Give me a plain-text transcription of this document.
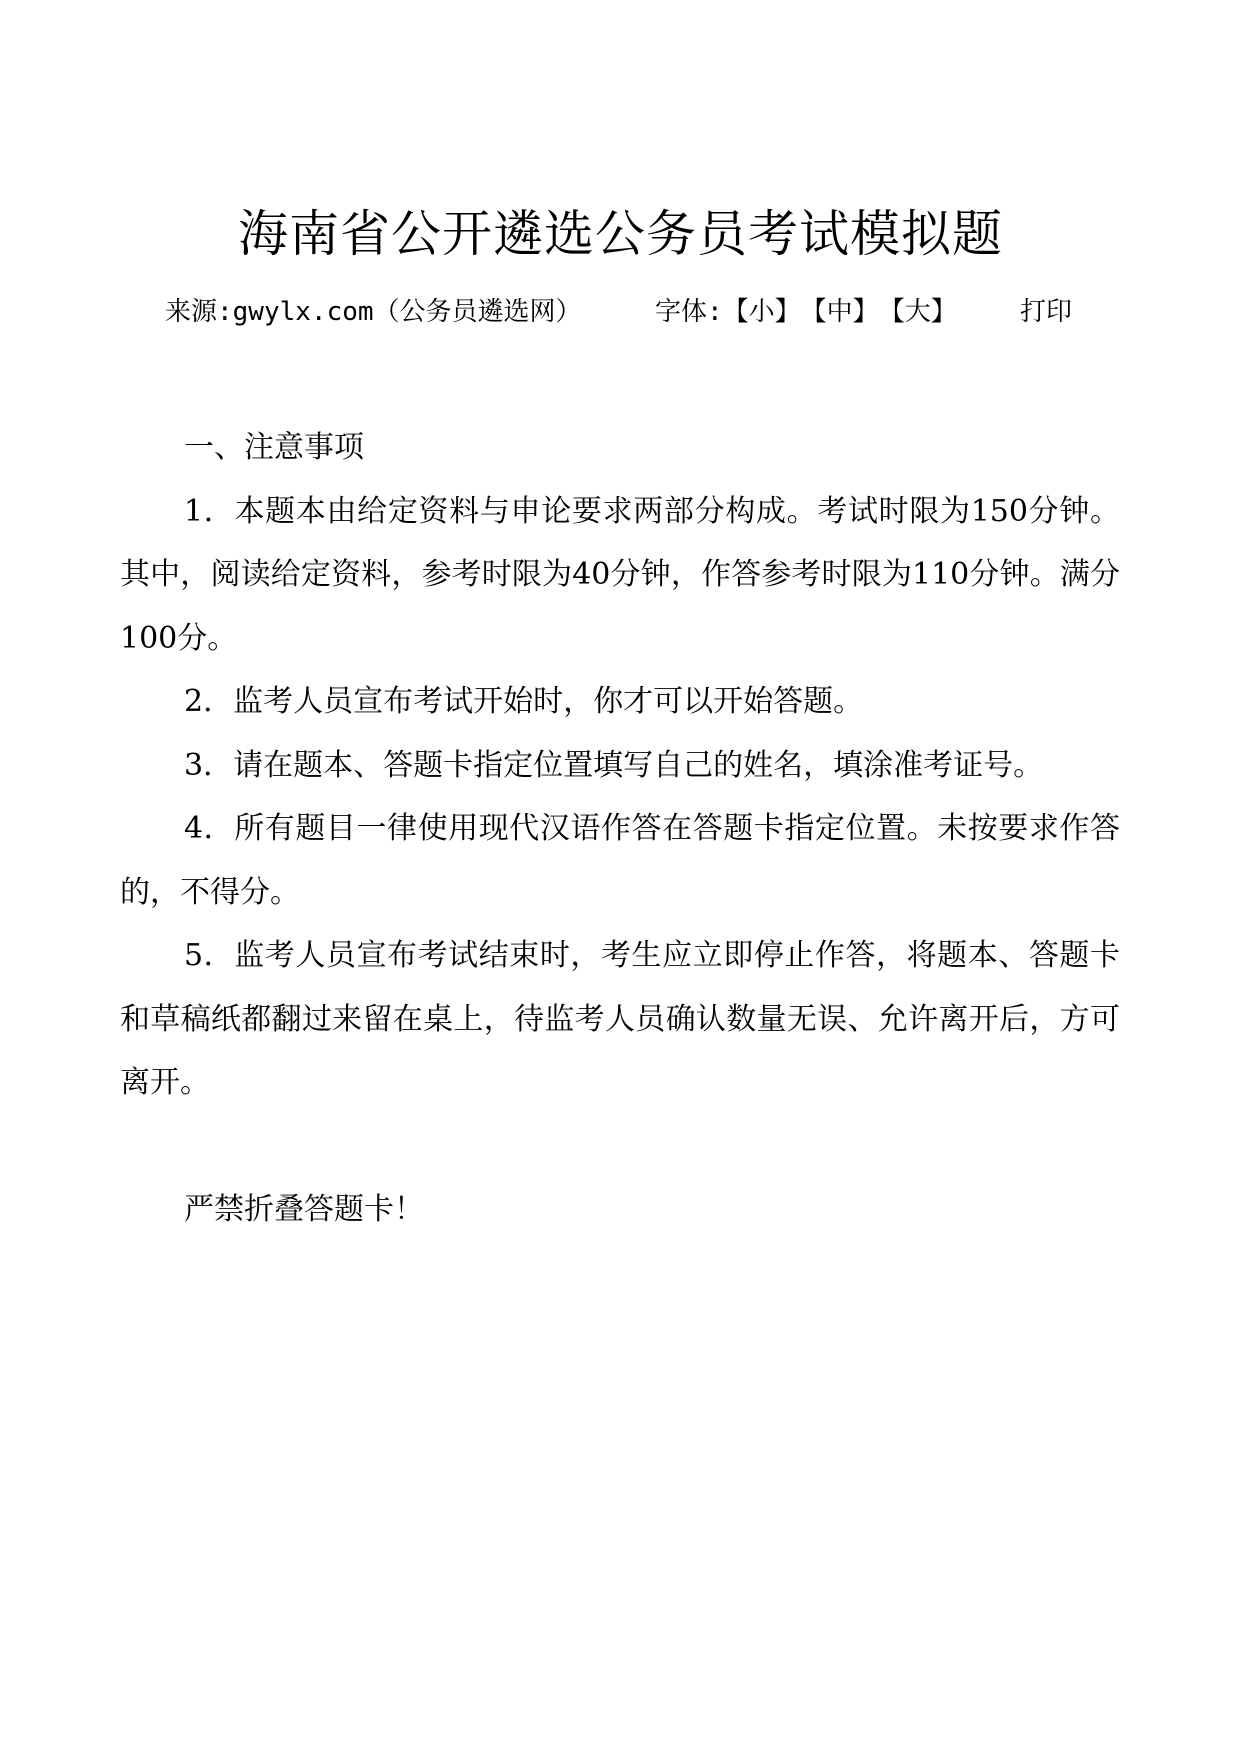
海南省公开遴选公务员考试模拟题
来源:gwylx.com（公务员遴选网）	字体:【小】【中】【大】 打印

一、注意事项

1．本题本由给定资料与申论要求两部分构成。考试时限为150分钟。其中，阅读给定资料，参考时限为40分钟，作答参考时限为110分钟。满分100分。

2．监考人员宣布考试开始时，你才可以开始答题。

3．请在题本、答题卡指定位置填写自己的姓名，填涂准考证号。

4．所有题目一律使用现代汉语作答在答题卡指定位置。未按要求作答的，不得分。

5．监考人员宣布考试结束时，考生应立即停止作答，将题本、答题卡和草稿纸都翻过来留在桌上，待监考人员确认数量无误、允许离开后，方可离开。

严禁折叠答题卡！
